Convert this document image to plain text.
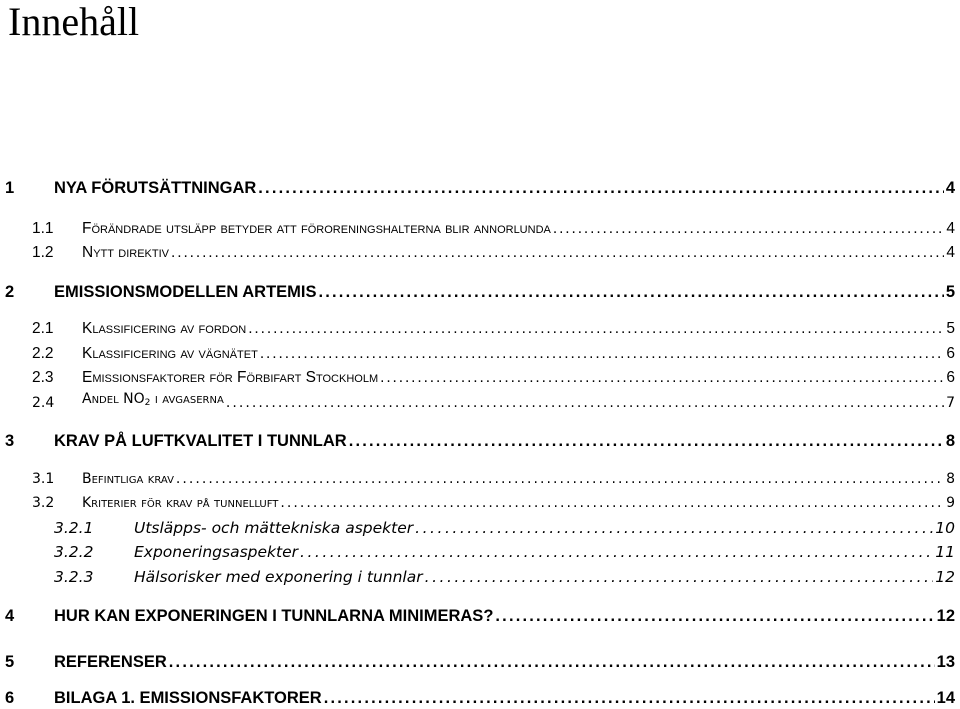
Innehåll
1 NYA FÖRUTSÄTTNINGAR . . .	4
1.1 Förändrade utsläpp betyder att föroreningshalterna blir annorlunda . . .	4
1.2 Nytt direktiv . . .	4
2 EMISSIONSMODELLEN ARTEMIS . . .	5
2.1 Klassificering av fordon . . .	5
2.2 Klassificering av vägnätet . . .	6
2.3 Emissionsfaktorer för Förbifart Stockholm . . .	6
2.4 Andel $NO_2$ i avgaserna . . .	7
3 KRAV PÅ LUFTKVALITET I TUNNLAR . . .	8
3.1 Befintliga krav . . .	8
3.2 Kriterier för krav på tunnelluft . . .	9
3.2.1	Utsläpps- och mättekniska aspekter . . .	10
3.2.2	Exponeringsaspekter . . .	11
3.2.3	Hälsorisker med exponering i tunnlar . . .	12
4 HUR KAN EXPONERINGEN I TUNNLARNA MINIMERAS? . . .	12
5 REFERENSER . . .	13
6 BILAGA 1. EMISSIONSFAKTORER . . .	14
